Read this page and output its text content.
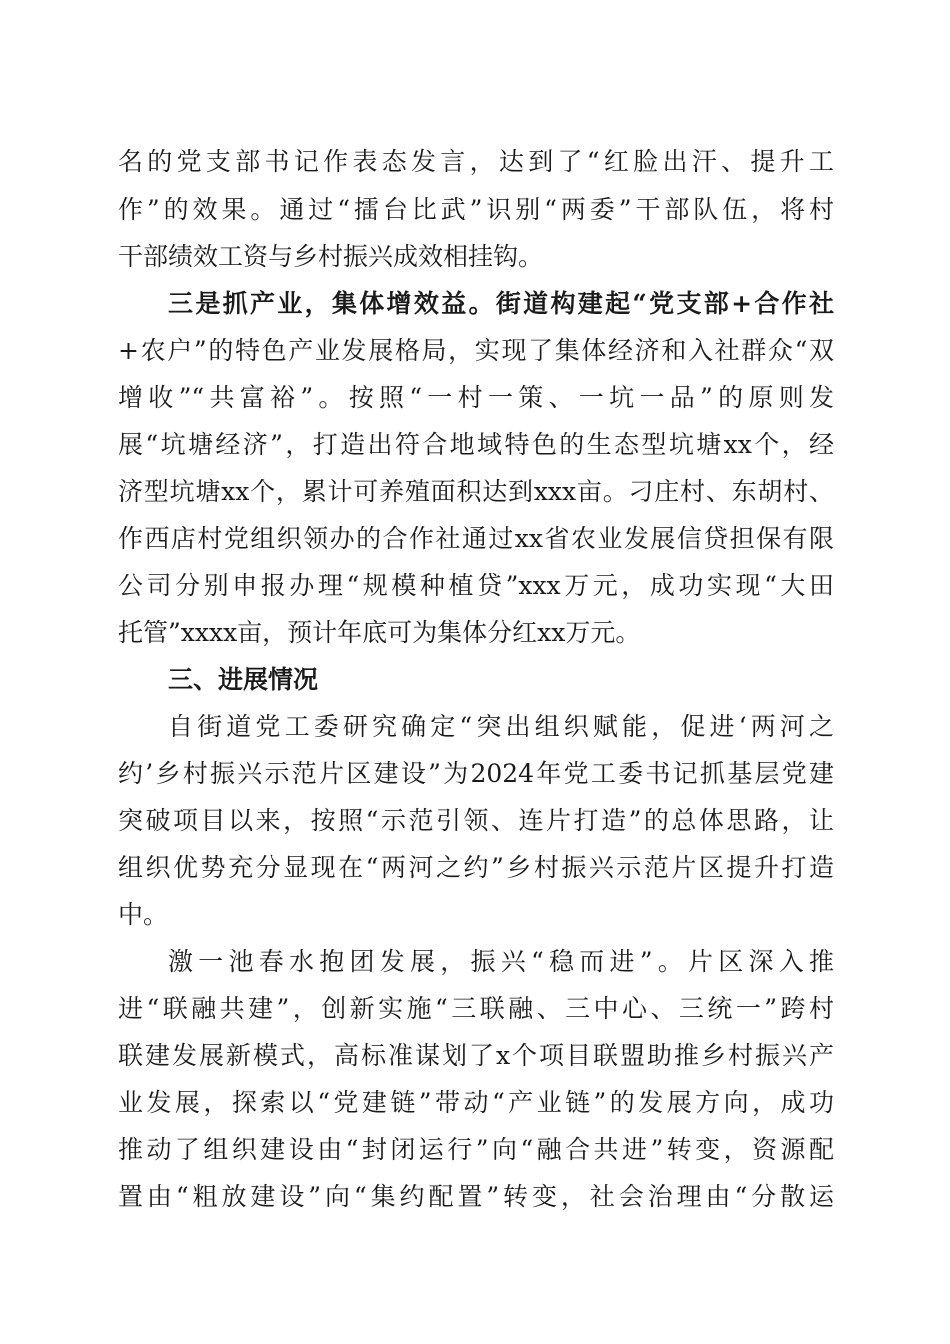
名的党支部书记作表态发言，达到了“红脸出汗、提升工
作”的效果。通过“擂台比武”识别“两委”干部队伍，将村
干部绩效工资与乡村振兴成效相挂钩。
三是抓产业，集体增效益。街道构建起“党支部+合作社
+农户”的特色产业发展格局，实现了集体经济和入社群众“双
增收”“共富裕”。按照“一村一策、一坑一品”的原则发
展“坑塘经济”，打造出符合地域特色的生态型坑塘xx个，经
济型坑塘xx个，累计可养殖面积达到xxx亩。刁庄村、东胡村、
作西店村党组织领办的合作社通过xx省农业发展信贷担保有限
公司分别申报办理“规模种植贷”xxx万元，成功实现“大田
托管”xxxx亩，预计年底可为集体分红xx万元。
三、进展情况
自街道党工委研究确定“突出组织赋能，促进‘两河之
约’乡村振兴示范片区建设”为2024年党工委书记抓基层党建
突破项目以来，按照“示范引领、连片打造”的总体思路，让
组织优势充分显现在“两河之约”乡村振兴示范片区提升打造
中。
激一池春水抱团发展，振兴“稳而进”。片区深入推
进“联融共建”，创新实施“三联融、三中心、三统一”跨村
联建发展新模式，高标准谋划了x个项目联盟助推乡村振兴产
业发展，探索以“党建链”带动“产业链”的发展方向，成功
推动了组织建设由“封闭运行”向“融合共进”转变，资源配
置由“粗放建设”向“集约配置”转变，社会治理由“分散运
